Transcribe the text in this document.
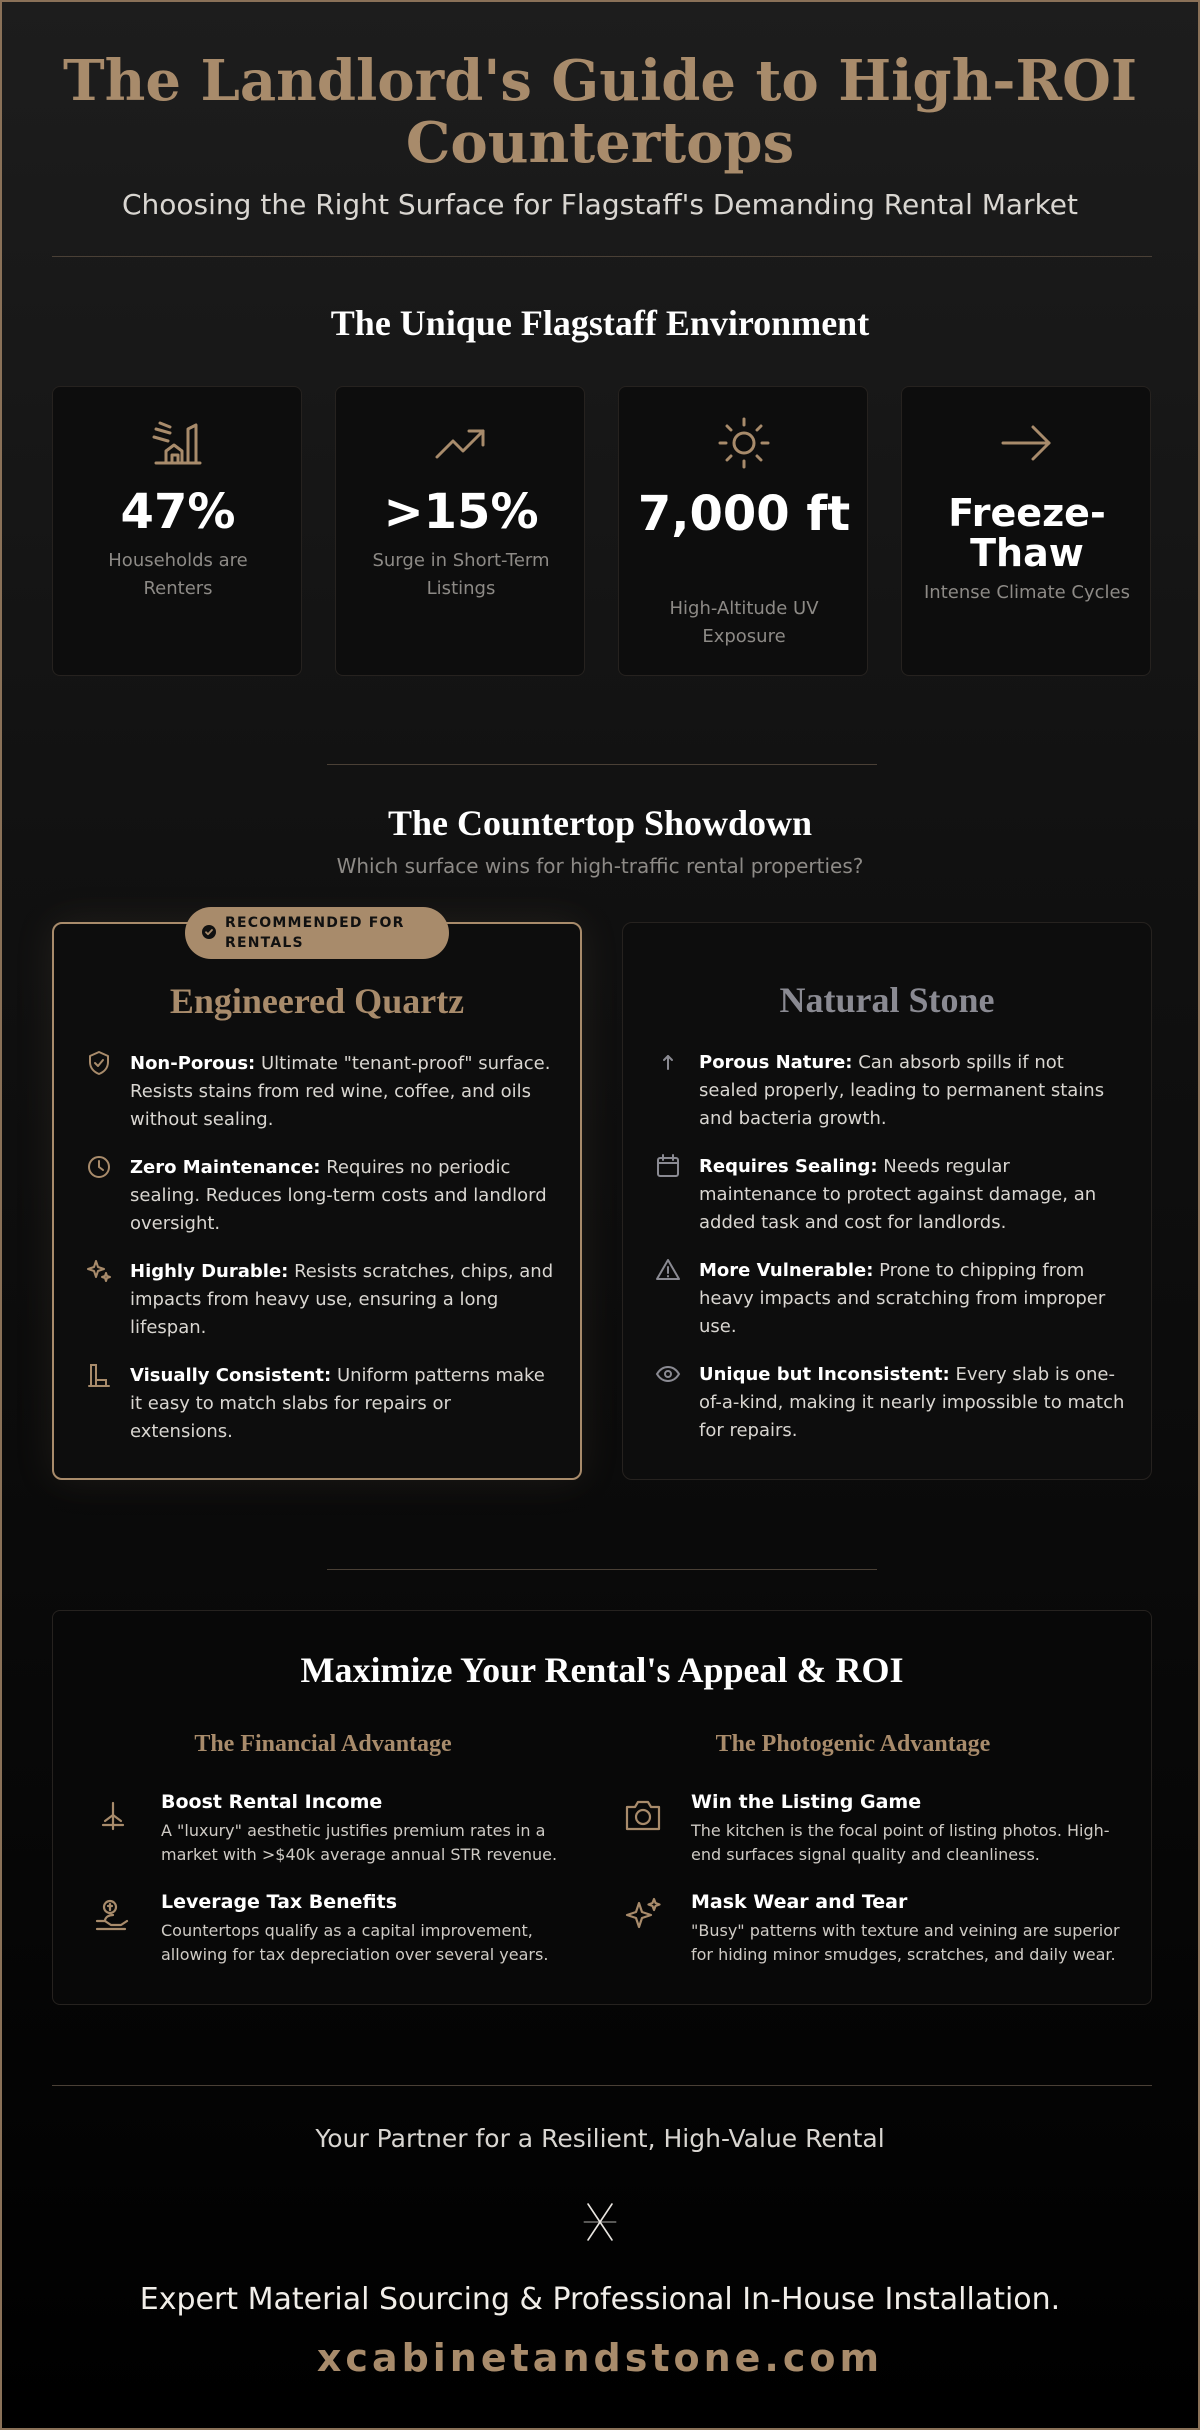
The Landlord's Guide to High-ROI Countertops

Choosing the Right Surface for Flagstaff's Demanding Rental Market

The Unique Flagstaff Environment
47%
Households are Renters
>15%
Surge in Short-Term Listings
7,000 ft
High-Altitude UV Exposure
Freeze-Thaw
Intense Climate Cycles
The Countertop Showdown

Which surface wins for high-traffic rental properties?

Engineered Quartz

Non-Porous: Ultimate "tenant-proof" surface. Resists stains from red wine, coffee, and oils without sealing.

Zero Maintenance: Requires no periodic sealing. Reduces long-term costs and landlord oversight.

Highly Durable: Resists scratches, chips, and impacts from heavy use, ensuring a long lifespan.

Visually Consistent: Uniform patterns make it easy to match slabs for repairs or extensions.

RECOMMENDED FOR RENTALS
Natural Stone

Porous Nature: Can absorb spills if not sealed properly, leading to permanent stains and bacteria growth.

Requires Sealing: Needs regular maintenance to protect against damage, an added task and cost for landlords.

More Vulnerable: Prone to chipping from heavy impacts and scratching from improper use.

Unique but Inconsistent: Every slab is one-of-a-kind, making it nearly impossible to match for repairs.

Maximize Your Rental's Appeal & ROI
The Financial Advantage	The Photogenic Advantage
Boost Rental Income
A "luxury" aesthetic justifies premium rates in a market with >$40k average annual STR revenue.
Leverage Tax Benefits
Countertops qualify as a capital improvement, allowing for tax depreciation over several years.
Win the Listing Game
The kitchen is the focal point of listing photos. High-end surfaces signal quality and cleanliness.
Mask Wear and Tear
"Busy" patterns with texture and veining are superior for hiding minor smudges, scratches, and daily wear.

Your Partner for a Resilient, High-Value Rental

Expert Material Sourcing & Professional In-House Installation.

xcabinetandstone.com
